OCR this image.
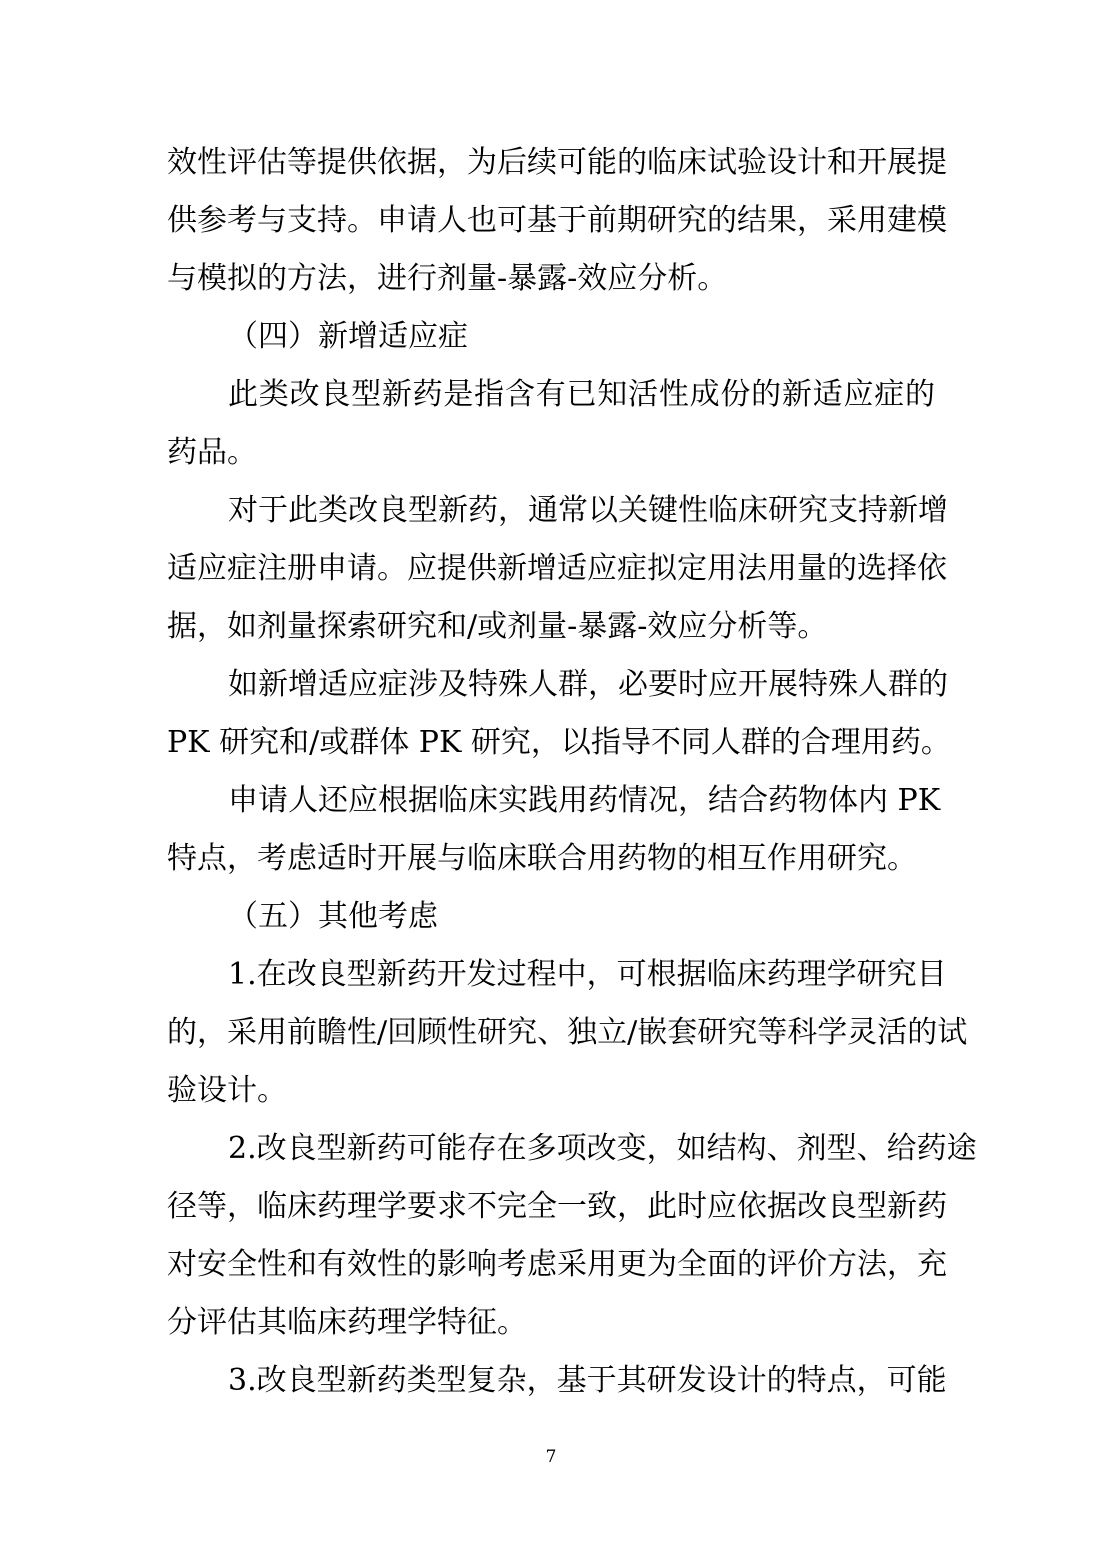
效性评估等提供依据，为后续可能的临床试验设计和开展提
供参考与支持。申请人也可基于前期研究的结果，采用建模
与模拟的方法，进行剂量-暴露-效应分析。
（四）新增适应症
此类改良型新药是指含有已知活性成份的新适应症的
药品。
对于此类改良型新药，通常以关键性临床研究支持新增
适应症注册申请。应提供新增适应症拟定用法用量的选择依
据，如剂量探索研究和/或剂量-暴露-效应分析等。
如新增适应症涉及特殊人群，必要时应开展特殊人群的
PK 研究和/或群体 PK 研究，以指导不同人群的合理用药。
申请人还应根据临床实践用药情况，结合药物体内 PK
特点，考虑适时开展与临床联合用药物的相互作用研究。
（五）其他考虑
1.在改良型新药开发过程中，可根据临床药理学研究目
的，采用前瞻性/回顾性研究、独立/嵌套研究等科学灵活的试
验设计。
2.改良型新药可能存在多项改变，如结构、剂型、给药途
径等，临床药理学要求不完全一致，此时应依据改良型新药
对安全性和有效性的影响考虑采用更为全面的评价方法，充
分评估其临床药理学特征。
3.改良型新药类型复杂，基于其研发设计的特点，可能
7
